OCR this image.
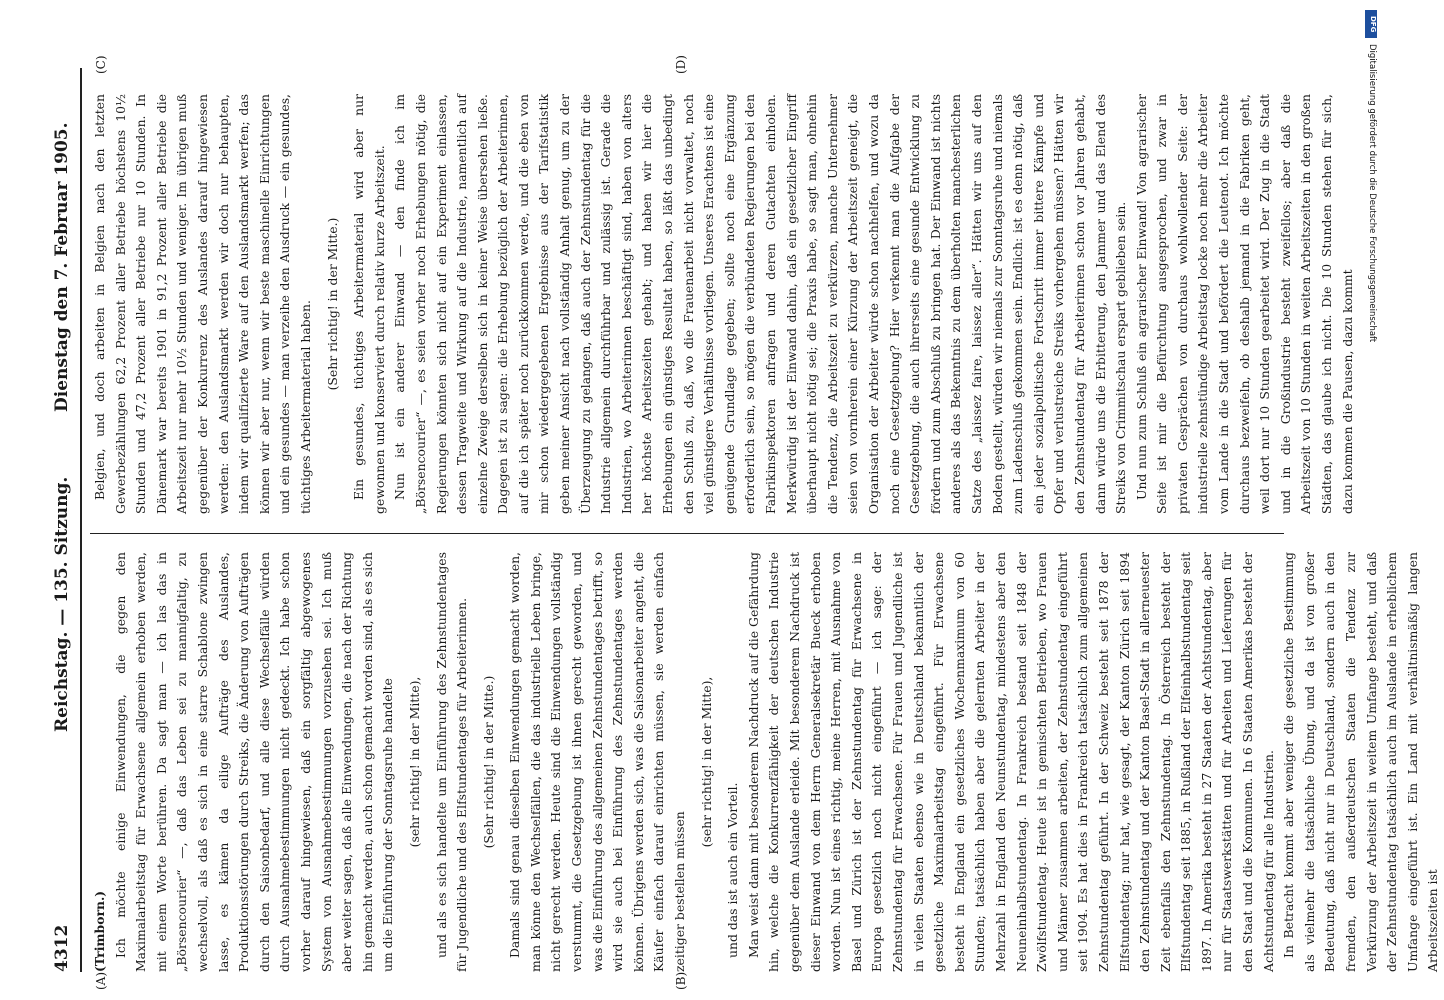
4312
Reichstag. — 135. Sitzung.
Dienstag den 7. Februar 1905.
(A)	(B)
(C)	(D)

(Trimborn.) Ich möchte einige Einwendungen, die gegen den Maximalarbeitstag für Erwachsene allgemein erhoben werden, mit einem Worte berühren. Da sagt man — ich las das in „Börsencourier“ —, daß das Leben sei zu mannigfaltig, zu wechselvoll, als daß es sich in eine starre Schablone zwingen lasse, es kämen da eilige Aufträge des Auslandes, Produktionsstörungen durch Streiks, die Änderung von Aufträgen durch den Saisonbedarf, und alle diese Wechselfälle würden durch Ausnahmebestimmungen nicht gedeckt. Ich habe schon vorher darauf hingewiesen, daß ein sorgfältig abgewogenes System von Ausnahmebestimmungen vorzusehen sei. Ich muß aber weiter sagen, daß alle Einwendungen, die nach der Richtung hin gemacht werden, auch schon gemacht worden sind, als es sich um die Einführung der Sonntagsruhe handelte (sehr richtig! in der Mitte), und als es sich handelte um Einführung des Zehnstundentages für Jugendliche und des Elfstundentages für Arbeiterinnen. (Sehr richtig! in der Mitte.) Damals sind genau dieselben Einwendungen gemacht worden, man könne den Wechselfällen, die das industrielle Leben bringe, nicht gerecht werden. Heute sind die Einwendungen vollständig verstummt, die Gesetzgebung ist ihnen gerecht geworden, und was die Einführung des allgemeinen Zehnstundentages betrifft, so wird sie auch bei Einführung des Zehnstundentages werden können. Übrigens werden sich, was die Saisonarbeiter angeht, die Käufer einfach darauf einrichten müssen, sie werden einfach zeitiger bestellen müssen

(sehr richtig! in der Mitte),

und das ist auch ein Vorteil. Man weist dann mit besonderem Nachdruck auf die Gefährdung hin, welche die Konkurrenzfähigkeit der deutschen Industrie gegenüber dem Auslande erleide. Mit besonderem Nachdruck ist dieser Einwand von dem Herrn Generalsekretär Bueck erhoben worden. Nun ist eines richtig, meine Herren, mit Ausnahme von Basel und Zürich ist der Zehnstundentag für Erwachsene in Europa gesetzlich noch nicht eingeführt — ich sage: der Zehnstundentag für Erwachsene. Für Frauen und Jugendliche ist in vielen Staaten ebenso wie in Deutschland bekanntlich der gesetzliche Maximalarbeitstag eingeführt. Für Erwachsene besteht in England ein gesetzliches Wochenmaximum von 60 Stunden; tatsächlich haben aber die gelernten Arbeiter in der Mehrzahl in England den Neunstundentag, mindestens aber den Neuneinhalbstundentag. In Frankreich bestand seit 1848 der Zwölfstundentag. Heute ist in gemischten Betrieben, wo Frauen und Männer zusammen arbeiten, der Zehnstundentag eingeführt seit 1904. Es hat dies in Frankreich tatsächlich zum allgemeinen Zehnstundentag geführt. In der Schweiz besteht seit 1878 der Elfstundentag; nur hat, wie gesagt, der Kanton Zürich seit 1894 den Zehnstundentag und der Kanton Basel-Stadt in allerneuester Zeit ebenfalls den Zehnstundentag. In Österreich besteht der Elfstundentag seit 1885, in Rußland der Elfeinhalbstundentag seit 1897. In Amerika besteht in 27 Staaten der Achtstundentag, aber nur für Staatswerkstätten und für Arbeiten und Lieferungen für den Staat und die Kommunen. In 6 Staaten Amerikas besteht der Achtstundentag für alle Industrien. In Betracht kommt aber weniger die gesetzliche Bestimmung als vielmehr die tatsächliche Übung, und da ist von großer Bedeutung, daß nicht nur in Deutschland, sondern auch in den fremden, den außerdeutschen Staaten die Tendenz zur Verkürzung der Arbeitszeit in weitem Umfange besteht, und daß der Zehnstundentag tatsächlich auch im Auslande in erheblichem Umfange eingeführt ist. Ein Land mit verhältnismäßig langen Arbeitszeiten ist

Belgien, und doch arbeiten in Belgien nach den letzten Gewerbezählungen 62,2 Prozent aller Betriebe höchstens 10½ Stunden und 47,2 Prozent aller Betriebe nur 10 Stunden. In Dänemark war bereits 1901 in 91,2 Prozent aller Betriebe die Arbeitszeit nur mehr 10½ Stunden und weniger. Im übrigen muß gegenüber der Konkurrenz des Auslandes darauf hingewiesen werden: den Auslandsmarkt werden wir doch nur behaupten, indem wir qualifizierte Ware auf den Auslandsmarkt werfen; das können wir aber nur, wenn wir beste maschinelle Einrichtungen und ein gesundes — man verzeihe den Ausdruck — ein gesundes, tüchtiges Arbeitermaterial haben. (Sehr richtig! in der Mitte.) Ein gesundes, tüchtiges Arbeitermaterial wird aber nur gewonnen und konserviert durch relativ kurze Arbeitszeit. Nun ist ein anderer Einwand — den finde ich im „Börsencourier“ —, es seien vorher noch Erhebungen nötig, die Regierungen könnten sich nicht auf ein Experiment einlassen, dessen Tragweite und Wirkung auf die Industrie, namentlich auf einzelne Zweige derselben sich in keiner Weise übersehen ließe. Dagegen ist zu sagen: die Erhebung bezüglich der Arbeiterinnen, auf die ich später noch zurückkommen werde, und die eben von mir schon wiedergegebenen Ergebnisse aus der Tarifstatistik geben meiner Ansicht nach vollständig Anhalt genug, um zu der Überzeugung zu gelangen, daß auch der Zehnstundentag für die Industrie allgemein durchführbar und zulässig ist. Gerade die Industrien, wo Arbeiterinnen beschäftigt sind, haben von alters her höchste Arbeitszeiten gehabt; und haben wir hier die Erhebungen ein günstiges Resultat haben, so läßt das unbedingt den Schluß zu, daß, wo die Frauenarbeit nicht vorwaltet, noch viel günstigere Verhältnisse vorliegen. Unseres Erachtens ist eine genügende Grundlage gegeben; sollte noch eine Ergänzung erforderlich sein, so mögen die verbündeten Regierungen bei den Fabrikinspektoren anfragen und deren Gutachten einholen. Merkwürdig ist der Einwand dahin, daß ein gesetzlicher Eingriff überhaupt nicht nötig sei; die Praxis habe, so sagt man, ohnehin die Tendenz, die Arbeitszeit zu verkürzen, manche Unternehmer seien von vornherein einer Kürzung der Arbeitszeit geneigt, die Organisation der Arbeiter würde schon nachhelfen, und wozu da noch eine Gesetzgebung? Hier verkennt man die Aufgabe der Gesetzgebung, die auch ihrerseits eine gesunde Entwicklung zu fördern und zum Abschluß zu bringen hat. Der Einwand ist nichts anderes als das Bekenntnis zu dem überholten manchesterlichen Satze des „laissez faire, laissez aller“. Hätten wir uns auf den Boden gestellt, würden wir niemals zur Sonntagsruhe und niemals zum Ladenschluß gekommen sein. Endlich: ist es denn nötig, daß ein jeder sozialpolitische Fortschritt immer bittere Kämpfe und Opfer und verlustreiche Streiks vorhergehen müssen? Hätten wir den Zehnstundentag für Arbeiterinnen schon vor Jahren gehabt, dann würde uns die Erbitterung, den Jammer und das Elend des Streiks von Crimmitschau erspart geblieben sein. Und nun zum Schluß ein agrarischer Einwand! Von agrarischer Seite ist mir die Befürchtung ausgesprochen, und zwar in privaten Gesprächen von durchaus wohlwollender Seite: der industrielle zehnstündige Arbeitstag locke noch mehr die Arbeiter vom Lande in die Stadt und befördert die Leutenot. Ich möchte durchaus bezweifeln, ob deshalb jemand in die Fabriken geht, weil dort nur 10 Stunden gearbeitet wird. Der Zug in die Stadt und in die Großindustrie besteht zweifellos; aber daß die Arbeitszeit von 10 Stunden in weiten Arbeitszeiten in den großen Städten, das glaube ich nicht. Die 10 Stunden stehen für sich, dazu kommen die Pausen, dazu kommt

DFG
Digitalisierung gefördert durch die Deutsche Forschungsgemeinschaft
